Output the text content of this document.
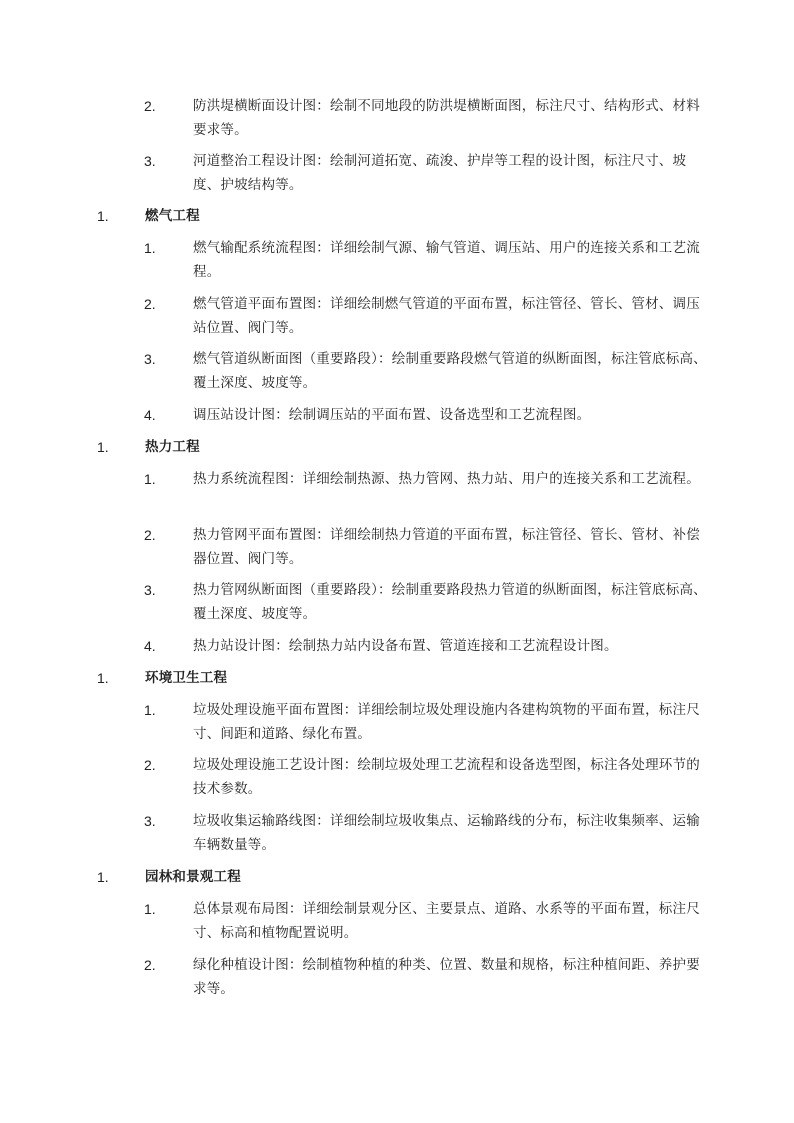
2.	防洪堤横断面设计图：绘制不同地段的防洪堤横断面图，标注尺寸、结构形式、材料要求等。
3.	河道整治工程设计图：绘制河道拓宽、疏浚、护岸等工程的设计图，标注尺寸、坡度、护坡结构等。
1.	燃气工程
1.	燃气输配系统流程图：详细绘制气源、输气管道、调压站、用户的连接关系和工艺流程。
2.	燃气管道平面布置图：详细绘制燃气管道的平面布置，标注管径、管长、管材、调压站位置、阀门等。
3.	燃气管道纵断面图（重要路段）：绘制重要路段燃气管道的纵断面图，标注管底标高、覆土深度、坡度等。
4.	调压站设计图：绘制调压站的平面布置、设备选型和工艺流程图。
1.	热力工程
1.	热力系统流程图：详细绘制热源、热力管网、热力站、用户的连接关系和工艺流程。
2.	热力管网平面布置图：详细绘制热力管道的平面布置，标注管径、管长、管材、补偿器位置、阀门等。
3.	热力管网纵断面图（重要路段）：绘制重要路段热力管道的纵断面图，标注管底标高、覆土深度、坡度等。
4.	热力站设计图：绘制热力站内设备布置、管道连接和工艺流程设计图。
1.	环境卫生工程
1.	垃圾处理设施平面布置图：详细绘制垃圾处理设施内各建构筑物的平面布置，标注尺寸、间距和道路、绿化布置。
2.	垃圾处理设施工艺设计图：绘制垃圾处理工艺流程和设备选型图，标注各处理环节的技术参数。
3.	垃圾收集运输路线图：详细绘制垃圾收集点、运输路线的分布，标注收集频率、运输车辆数量等。
1.	园林和景观工程
1.	总体景观布局图：详细绘制景观分区、主要景点、道路、水系等的平面布置，标注尺寸、标高和植物配置说明。
2.	绿化种植设计图：绘制植物种植的种类、位置、数量和规格，标注种植间距、养护要求等。
